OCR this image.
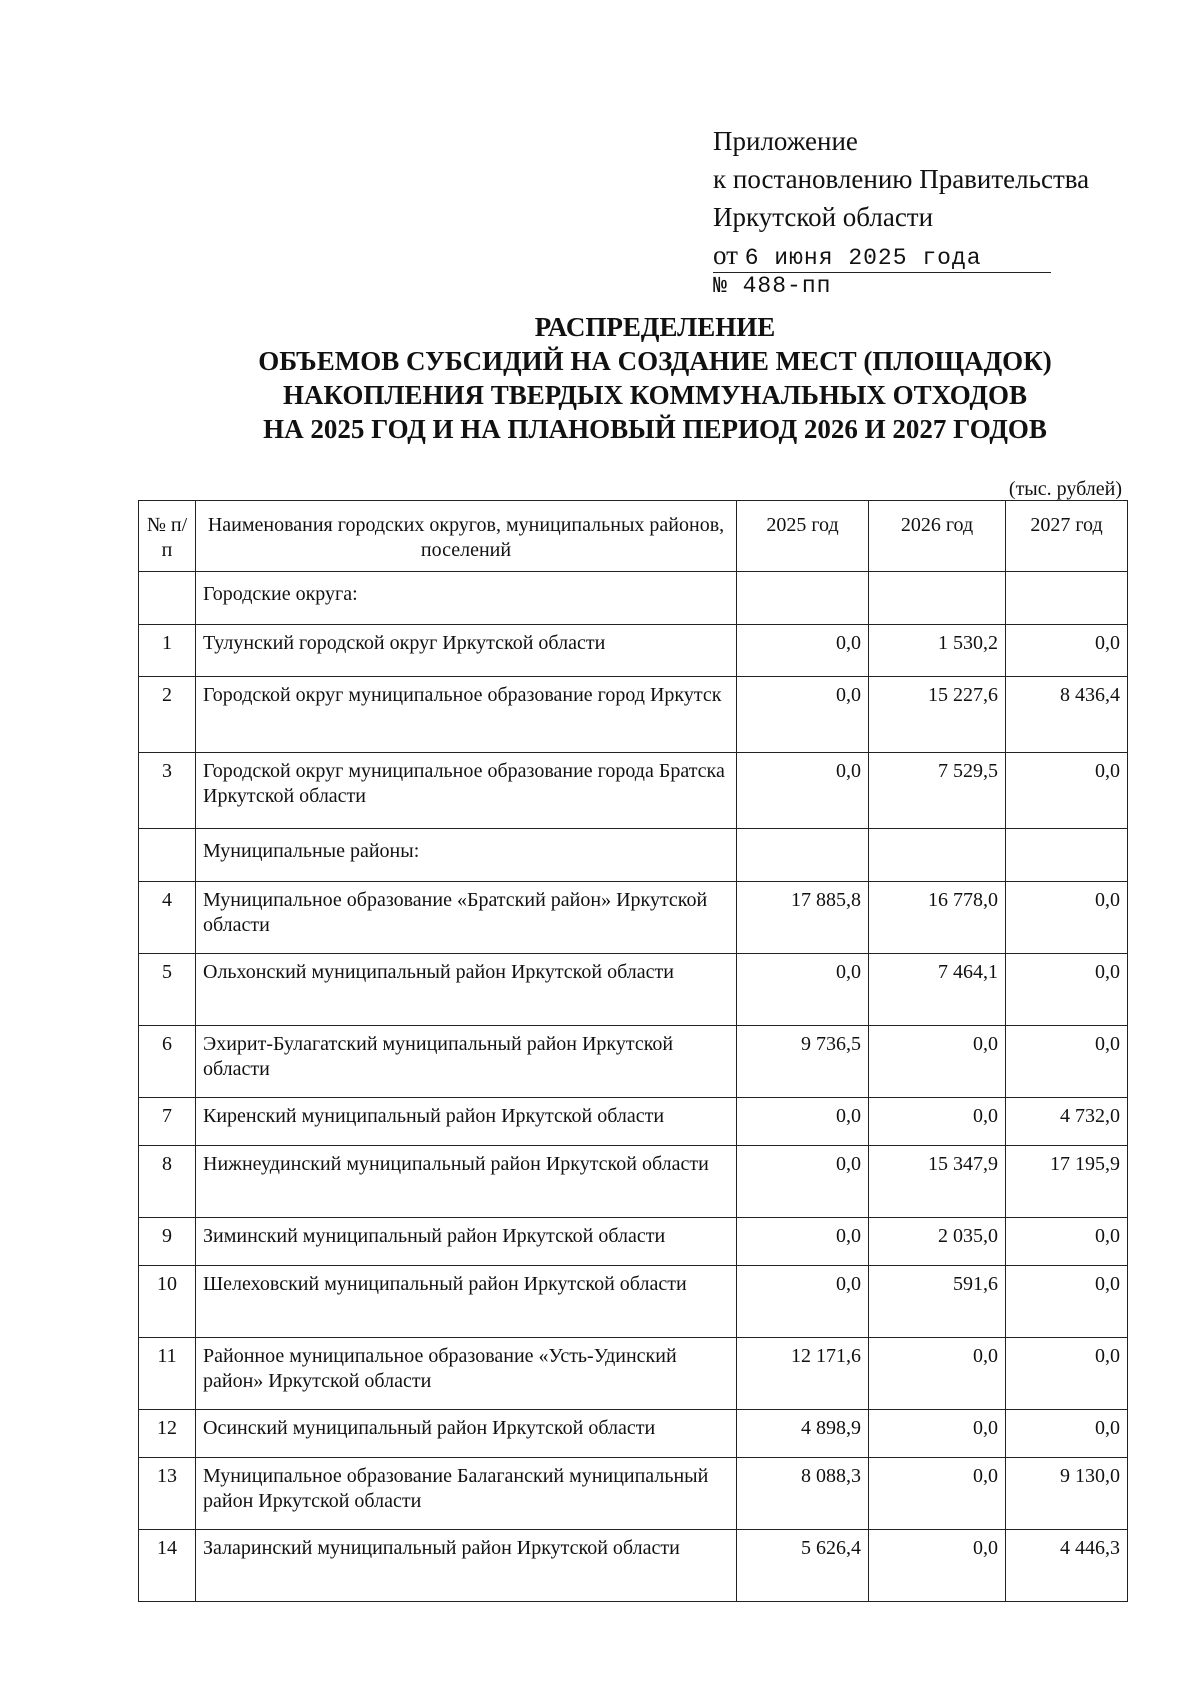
Приложение
к постановлению Правительства
Иркутской области
от 6 июня 2025 года
№ 488-пп
РАСПРЕДЕЛЕНИЕ
ОБЪЕМОВ СУБСИДИЙ НА СОЗДАНИЕ МЕСТ (ПЛОЩАДОК)
НАКОПЛЕНИЯ ТВЕРДЫХ КОММУНАЛЬНЫХ ОТХОДОВ
НА 2025 ГОД И НА ПЛАНОВЫЙ ПЕРИОД 2026 И 2027 ГОДОВ
(тыс. рублей)
№ п/п	Наименования городских округов, муниципальных районов, поселений	2025 год	2026 год	2027 год
	Городские округа:			
1	Тулунский городской округ Иркутской области	0,0	1 530,2	0,0
2	Городской округ муниципальное образование город Иркутск	0,0	15 227,6	8 436,4
3	Городской округ муниципальное образование города Братска Иркутской области	0,0	7 529,5	0,0
	Муниципальные районы:			
4	Муниципальное образование «Братский район» Иркутской области	17 885,8	16 778,0	0,0
5	Ольхонский муниципальный район Иркутской области	0,0	7 464,1	0,0
6	Эхирит-Булагатский муниципальный район Иркутской области	9 736,5	0,0	0,0
7	Киренский муниципальный район Иркутской области	0,0	0,0	4 732,0
8	Нижнеудинский муниципальный район Иркутской области	0,0	15 347,9	17 195,9
9	Зиминский муниципальный район Иркутской области	0,0	2 035,0	0,0
10	Шелеховский муниципальный район Иркутской области	0,0	591,6	0,0
11	Районное муниципальное образование «Усть-Удинский район» Иркутской области	12 171,6	0,0	0,0
12	Осинский муниципальный район Иркутской области	4 898,9	0,0	0,0
13	Муниципальное образование Балаганский муниципальный район Иркутской области	8 088,3	0,0	9 130,0
14	Заларинский муниципальный район Иркутской области	5 626,4	0,0	4 446,3
